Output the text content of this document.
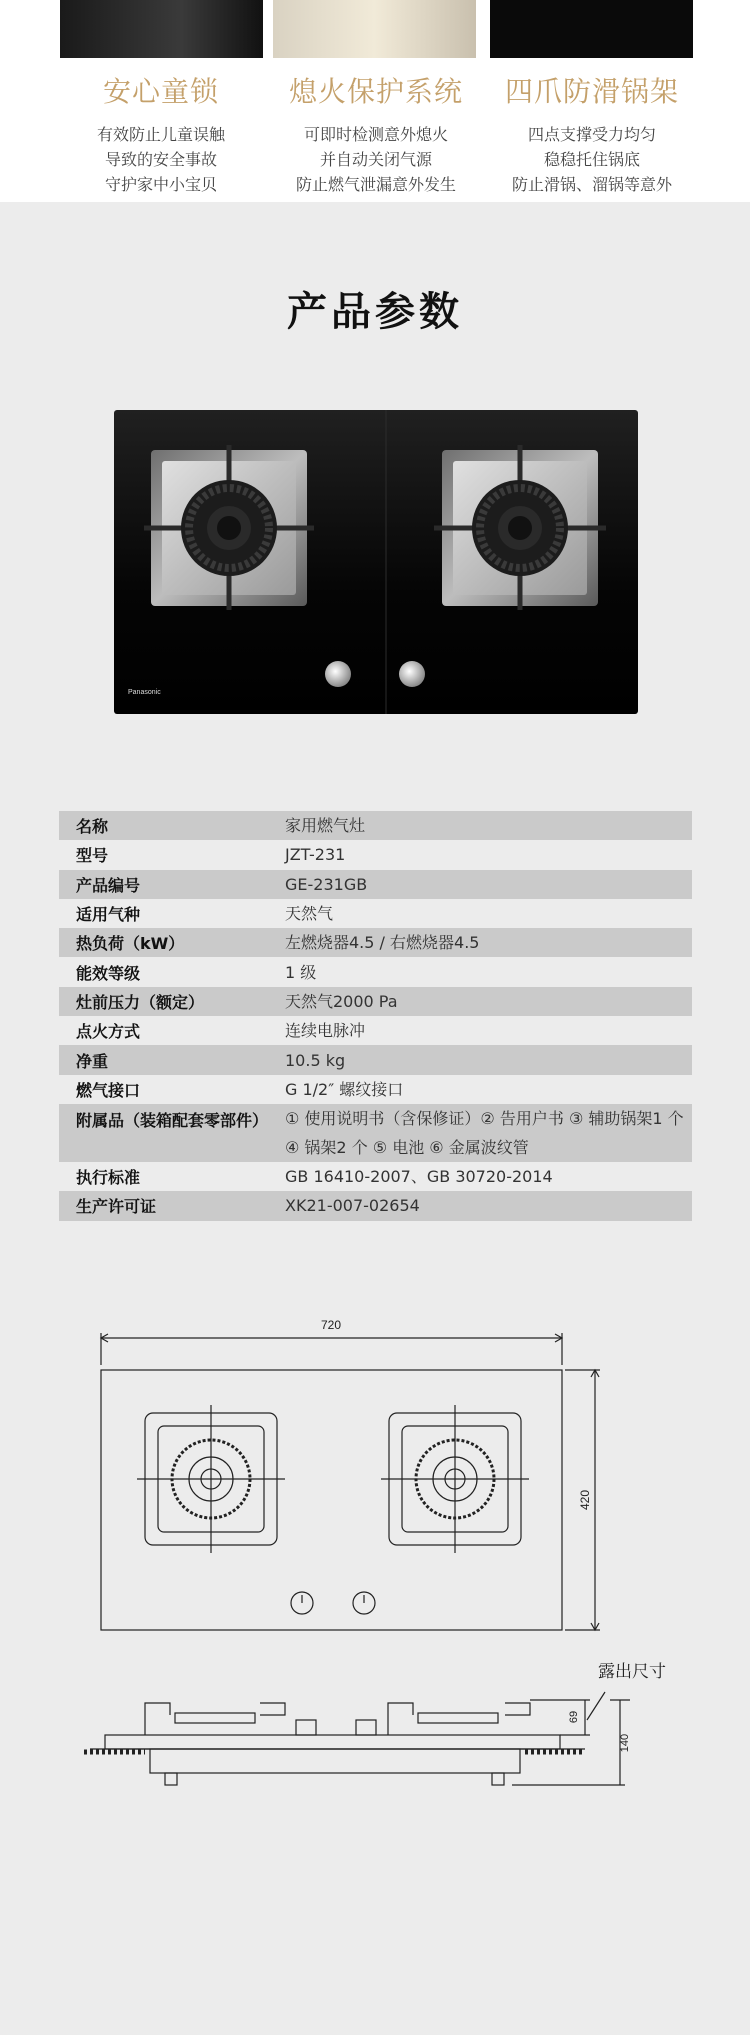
安心童锁

有效防止儿童误触

导致的安全事故

守护家中小宝贝

熄火保护系统

可即时检测意外熄火

并自动关闭气源

防止燃气泄漏意外发生

四爪防滑锅架

四点支撑受力均匀

稳稳托住锅底

防止滑锅、溜锅等意外

产品参数
Panasonic
名称	家用燃气灶
型号	JZT-231
产品编号	GE-231GB
适用气种	天然气
热负荷（kW）	左燃烧器4.5 / 右燃烧器4.5
能效等级	1 级
灶前压力（额定）	天然气2000 Pa
点火方式	连续电脉冲
净重	10.5 kg
燃气接口	G 1/2″ 螺纹接口
附属品（装箱配套零部件）	① 使用说明书（含保修证）② 告用户书 ③ 辅助锅架1 个
④ 锅架2 个 ⑤ 电池 ⑥ 金属波纹管

执行标准	GB 16410-2007、GB 30720-2014
生产许可证	XK21-007-02654
720
420
69
140
露出尺寸
